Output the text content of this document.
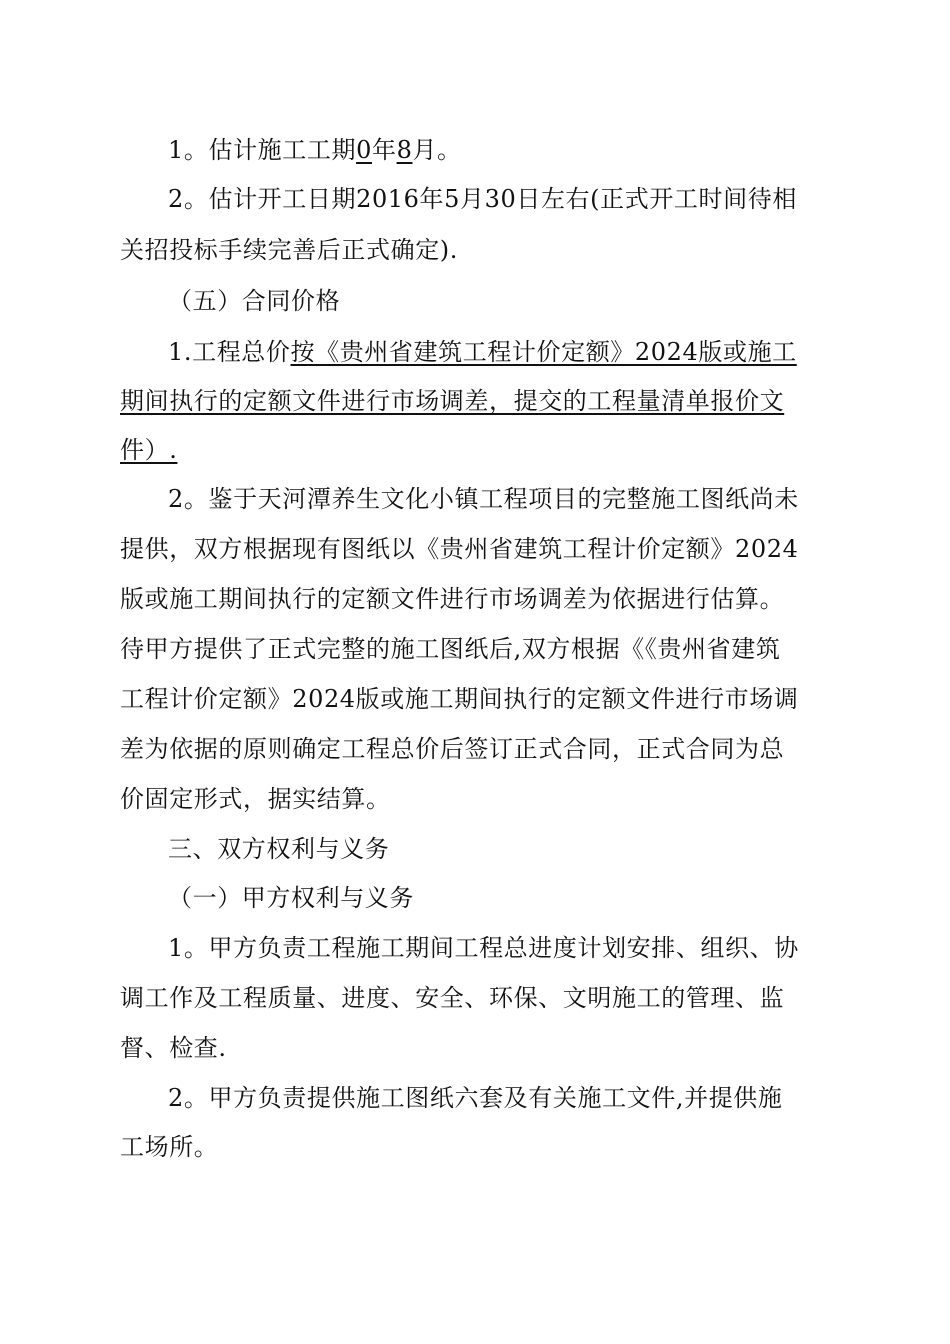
1。估计施工工期0年8月。
2。估计开工日期2016年5月30日左右(正式开工时间待相
关招投标手续完善后正式确定).
（五）合同价格
1.工程总价按《贵州省建筑工程计价定额》2024版或施工
期间执行的定额文件进行市场调差，提交的工程量清单报价文
件）.
2。鉴于天河潭养生文化小镇工程项目的完整施工图纸尚未
提供，双方根据现有图纸以《贵州省建筑工程计价定额》2024
版或施工期间执行的定额文件进行市场调差为依据进行估算。
待甲方提供了正式完整的施工图纸后,双方根据《《贵州省建筑
工程计价定额》2024版或施工期间执行的定额文件进行市场调
差为依据的原则确定工程总价后签订正式合同，正式合同为总
价固定形式，据实结算。
三、双方权利与义务
（一）甲方权利与义务
1。甲方负责工程施工期间工程总进度计划安排、组织、协
调工作及工程质量、进度、安全、环保、文明施工的管理、监
督、检查.
2。甲方负责提供施工图纸六套及有关施工文件,并提供施
工场所。
